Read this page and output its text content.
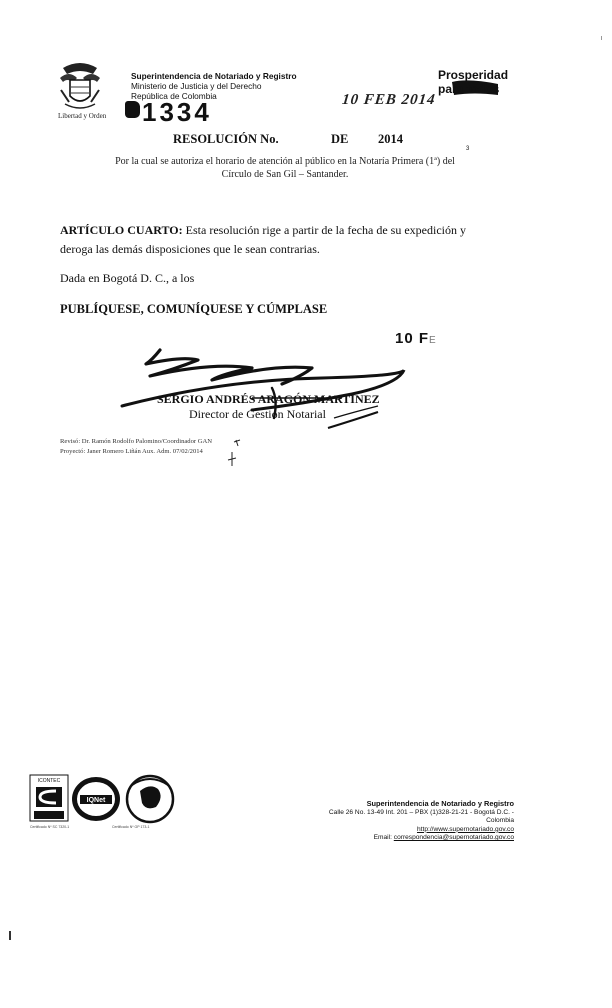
Libertad y Orden
Superintendencia de Notariado y Registro
Ministerio de Justicia y del Derecho
República de Colombia
e 1334	10 FEB 2014
Prosperidad para todos
RESOLUCIÓN No.	DE 2014
3
Por la cual se autoriza el horario de atención al público en la Notaría Primera (1ª) del
Círculo de San Gil – Santander.
ARTÍCULO CUARTO: Esta resolución rige a partir de la fecha de su expedición y deroga las demás disposiciones que le sean contrarias.
Dada en Bogotá D. C., a los
PUBLÍQUESE, COMUNÍQUESE Y CÚMPLASE
10 FE
SERGIO ANDRÉS ARAGÓN MARTÍNEZ
Director de Gestión Notarial
Revisó: Dr. Ramón Rodolfo Palomino/Coordinador GAN
Proyectó: Janer Romero Liñán Aux. Adm. 07/02/2014
ICONTEC
IQNet
Certificado Nº SC 7320-1	Certificado Nº GP 173-1
Superintendencia de Notariado y Registro
Calle 26 No. 13-49 Int. 201 – PBX (1)328-21-21 - Bogotá D.C. - Colombia
http://www.supernotariado.gov.co
Email: correspondencia@supernotariado.gov.co
